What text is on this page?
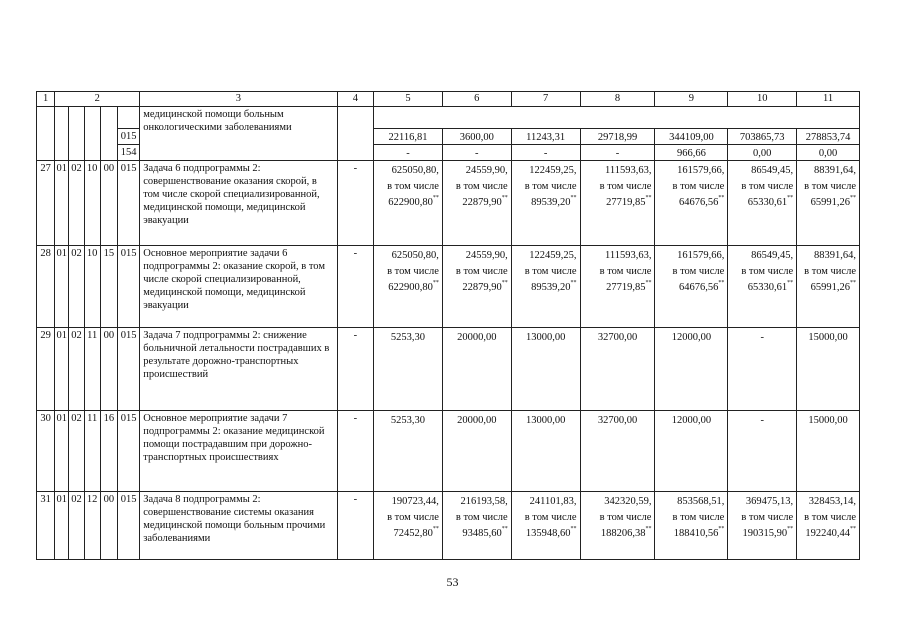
1	2					3	4	5	6	7	8	9	10	11
						медицинской помощи больным
онкологическими заболеваниями								
					015			22116,81	3600,00	11243,31	29718,99	344109,00	703865,73	278853,74
					154			-	-	-	-	966,66	0,00	0,00
27	01	02	10	00	015	Задача 6 подпрограммы 2: совершенствование оказания скорой, в том числе скорой специализированной, медицинской помощи, медицинской эвакуации	-	625050,80,
в том числе
622900,80**	24559,90,
в том числе
22879,90**	122459,25,
в том числе
89539,20**	111593,63,
в том числе
27719,85**	161579,66,
в том числе
64676,56**	86549,45,
в том числе
65330,61**	88391,64,
в том числе
65991,26**

28	01	02	10	15	015	Основное мероприятие задачи 6 подпрограммы 2: оказание скорой, в том числе скорой специализированной, медицинской помощи, медицинской эвакуации	-	625050,80,
в том числе
622900,80**	24559,90,
в том числе
22879,90**	122459,25,
в том числе
89539,20**	111593,63,
в том числе
27719,85**	161579,66,
в том числе
64676,56**	86549,45,
в том числе
65330,61**	88391,64,
в том числе
65991,26**

29	01	02	11	00	015	Задача 7 подпрограммы 2: снижение больничной летальности пострадавших в результате дорожно-транспортных происшествий	-	5253,30	20000,00	13000,00	32700,00	12000,00	-	15000,00

30	01	02	11	16	015	Основное мероприятие задачи 7 подпрограммы 2: оказание медицинской помощи пострадавшим при дорожно-транспортных происшествиях	-	5253,30	20000,00	13000,00	32700,00	12000,00	-	15000,00

31	01	02	12	00	015	Задача 8 подпрограммы 2: совершенствование системы оказания медицинской помощи больным прочими заболеваниями	-	190723,44,
в том числе
72452,80**	216193,58,
в том числе
93485,60**	241101,83,
в том числе
135948,60**	342320,59,
в том числе
188206,38**	853568,51,
в том числе
188410,56**	369475,13,
в том числе
190315,90**	328453,14,
в том числе
192240,44**
53
